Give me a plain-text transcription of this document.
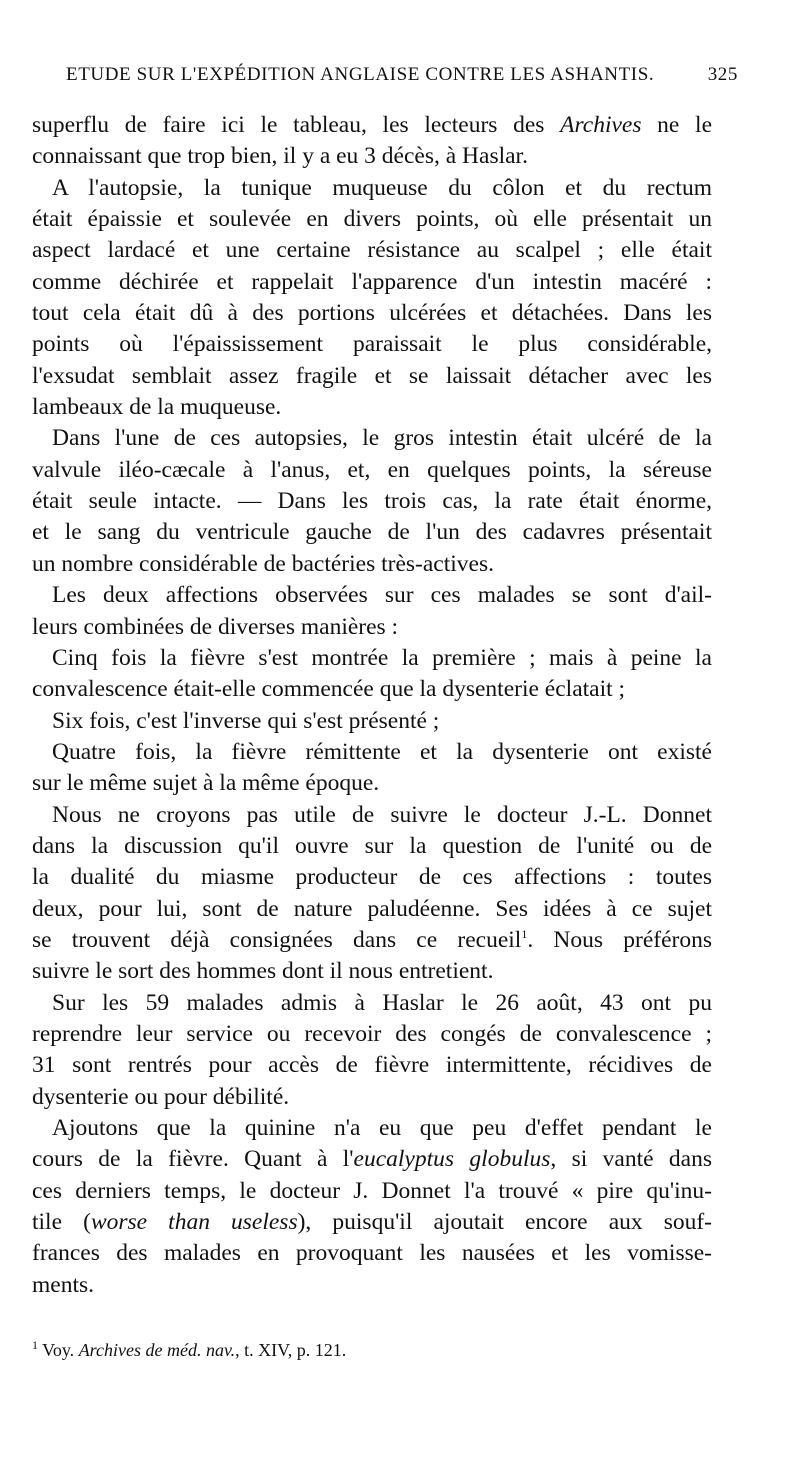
ETUDE SUR L'EXPÉDITION ANGLAISE CONTRE LES ASHANTIS.	325
superflu de faire ici le tableau, les lecteurs des Archives ne le
connaissant que trop bien, il y a eu 3 décès, à Haslar.
A l'autopsie, la tunique muqueuse du côlon et du rectum
était épaissie et soulevée en divers points, où elle présentait un
aspect lardacé et une certaine résistance au scalpel ; elle était
comme déchirée et rappelait l'apparence d'un intestin macéré :
tout cela était dû à des portions ulcérées et détachées. Dans les
points où l'épaississement paraissait le plus considérable,
l'exsudat semblait assez fragile et se laissait détacher avec les
lambeaux de la muqueuse.
Dans l'une de ces autopsies, le gros intestin était ulcéré de la
valvule iléo-cæcale à l'anus, et, en quelques points, la séreuse
était seule intacte. — Dans les trois cas, la rate était énorme,
et le sang du ventricule gauche de l'un des cadavres présentait
un nombre considérable de bactéries très-actives.
Les deux affections observées sur ces malades se sont d'ail-
leurs combinées de diverses manières :
Cinq fois la fièvre s'est montrée la première ; mais à peine la
convalescence était-elle commencée que la dysenterie éclatait ;
Six fois, c'est l'inverse qui s'est présenté ;
Quatre fois, la fièvre rémittente et la dysenterie ont existé
sur le même sujet à la même époque.
Nous ne croyons pas utile de suivre le docteur J.-L. Donnet
dans la discussion qu'il ouvre sur la question de l'unité ou de
la dualité du miasme producteur de ces affections : toutes
deux, pour lui, sont de nature paludéenne. Ses idées à ce sujet
se trouvent déjà consignées dans ce recueil$^1$. Nous préférons
suivre le sort des hommes dont il nous entretient.
Sur les 59 malades admis à Haslar le 26 août, 43 ont pu
reprendre leur service ou recevoir des congés de convalescence ;
31 sont rentrés pour accès de fièvre intermittente, récidives de
dysenterie ou pour débilité.
Ajoutons que la quinine n'a eu que peu d'effet pendant le
cours de la fièvre. Quant à l'eucalyptus globulus, si vanté dans
ces derniers temps, le docteur J. Donnet l'a trouvé « pire qu'inu-
tile (worse than useless), puisqu'il ajoutait encore aux souf-
frances des malades en provoquant les nausées et les vomisse-
ments.
$^1$ Voy. Archives de méd. nav., t. XIV, p. 121.
